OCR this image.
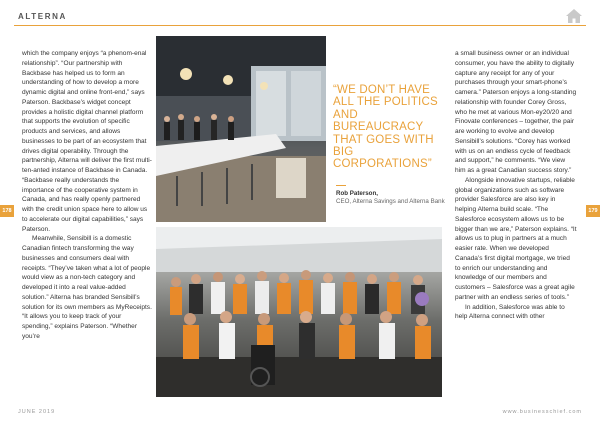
ALTERNA

which the company enjoys “a phenom-enal relationship”. “Our partnership with Backbase has helped us to form an understanding of how to develop a more dynamic digital and online front-end,” says Paterson. Backbase’s widget concept provides a holistic digital channel platform that supports the evolution of specific products and services, and allows businesses to be part of an ecosystem that drives digital operability. Through the partnership, Alterna will deliver the first multi-ten-anted instance of Backbase in Canada. “Backbase really understands the importance of the cooperative system in Canada, and has really openly partnered with the credit union space here to allow us to accelerate our digital capabilities,” says Paterson.

Meanwhile, Sensibill is a domestic Canadian fintech transforming the way businesses and consumers deal with receipts. “They’ve taken what a lot of people would view as a non-tech category and developed it into a real value-added solution.” Alterna has branded Sensibill’s solution for its own members as MyReceipts. “It allows you to keep track of your spending,” explains Paterson. “Whether you’re

178
“WE DON’T HAVE ALL THE POLITICS AND BUREAUCRACY THAT GOES WITH BIG CORPORATIONS”
Rob Paterson,
CEO, Alterna Savings and Alterna Bank

a small business owner or an individual consumer, you have the ability to digitally capture any receipt for any of your purchases through your smart-phone’s camera.” Paterson enjoys a long-standing relationship with founder Corey Gross, who he met at various Mon-ey20/20 and Finovate conferences – together, the pair are working to evolve and develop Sensibill’s solutions. “Corey has worked with us on an endless cycle of feedback and support,” he comments. “We view him as a great Canadian success story.”

Alongside innovative startups, reliable global organizations such as software provider Salesforce are also key in helping Alterna build scale. “The Salesforce ecosystem allows us to be bigger than we are,” Paterson explains. “It allows us to plug in partners at a much easier rate. When we developed Canada’s first digital mortgage, we tried to enrich our understanding and knowledge of our members and customers – Salesforce was a great agile partner with an endless series of tools.”

In addition, Salesforce was able to help Alterna connect with other

179
JUNE 2019	www.businesschief.com
